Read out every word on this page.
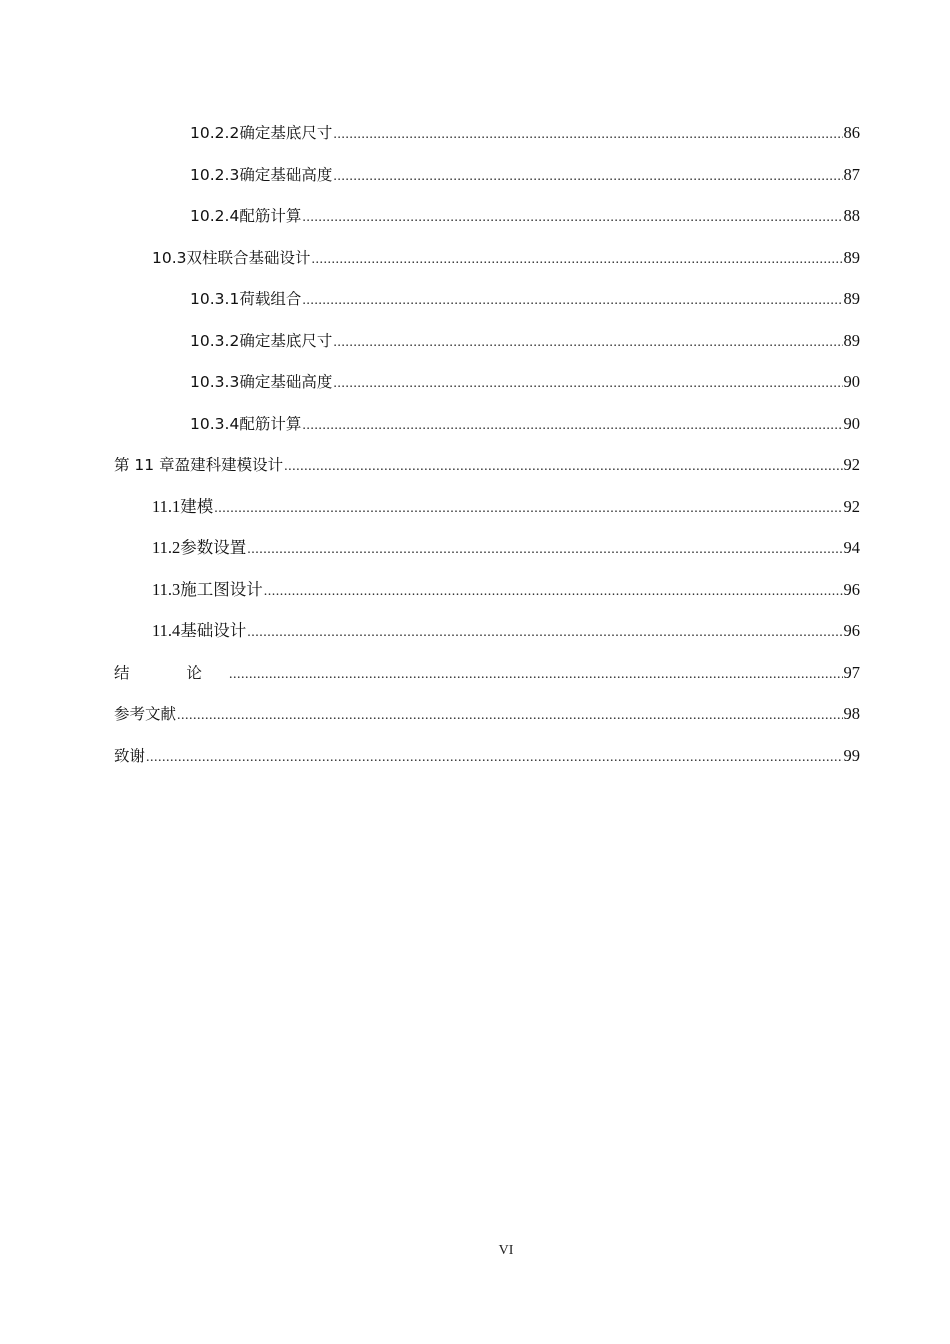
10.2.2 确定基底尺寸 .....	86
10.2.3 确定基础高度 .....	87
10.2.4 配筋计算 .....	88
10.3 双柱联合基础设计 .....	89
10.3.1 荷载组合 .....	89
10.3.2 确定基底尺寸 .....	89
10.3.3 确定基础高度 .....	90
10.3.4 配筋计算 .....	90
第 11 章 盈建科建模设计 .....	92
11.1 建模 .....	92
11.2 参数设置 .....	94
11.3 施工图设计 .....	96
11.4 基础设计 .....	96
结 论 .....	97
参考文献 .....	98
致谢 .....	99
VI
